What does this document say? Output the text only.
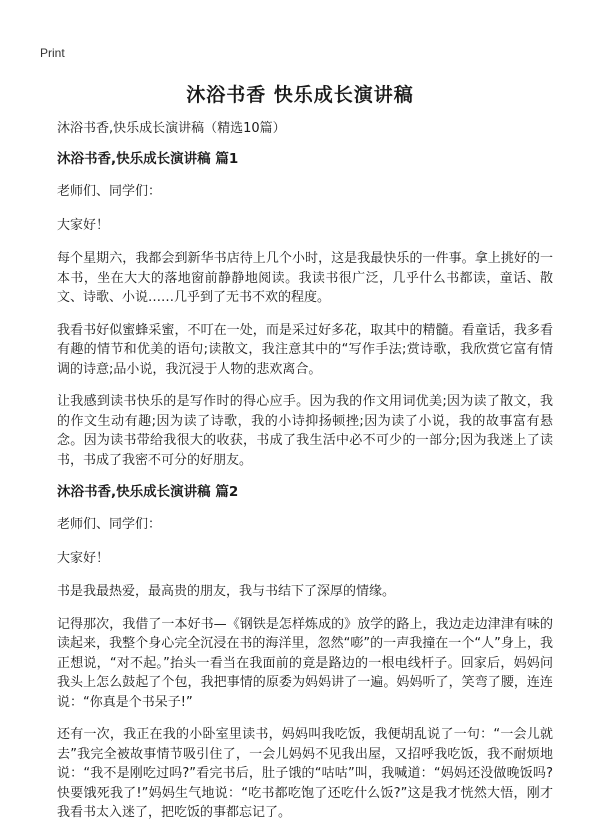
Print
沐浴书香 快乐成长演讲稿

沐浴书香,快乐成长演讲稿（精选10篇）

沐浴书香,快乐成长演讲稿 篇1

老师们、同学们：

大家好！

每个星期六，我都会到新华书店待上几个小时，这是我最快乐的一件事。拿上挑好的一本书，坐在大大的落地窗前静静地阅读。我读书很广泛，几乎什么书都读，童话、散文、诗歌、小说……几乎到了无书不欢的程度。

我看书好似蜜蜂采蜜，不叮在一处，而是采过好多花，取其中的精髓。看童话，我多看有趣的情节和优美的语句;读散文，我注意其中的“写作手法;赏诗歌，我欣赏它富有情调的诗意;品小说，我沉浸于人物的悲欢离合。

让我感到读书快乐的是写作时的得心应手。因为我的作文用词优美;因为读了散文，我的作文生动有趣;因为读了诗歌，我的小诗抑扬顿挫;因为读了小说，我的故事富有悬念。因为读书带给我很大的收获，书成了我生活中必不可少的一部分;因为我迷上了读书，书成了我密不可分的好朋友。

沐浴书香,快乐成长演讲稿 篇2

老师们、同学们：

大家好！

书是我最热爱，最高贵的朋友，我与书结下了深厚的情缘。

记得那次，我借了一本好书—《钢铁是怎样炼成的》放学的路上，我边走边津津有味的读起来，我整个身心完全沉浸在书的海洋里，忽然“嘭”的一声我撞在一个“人”身上，我正想说，“对不起。”抬头一看当在我面前的竟是路边的一根电线杆子。回家后，妈妈问我头上怎么鼓起了个包，我把事情的原委为妈妈讲了一遍。妈妈听了，笑弯了腰，连连说：“你真是个书呆子!”

还有一次，我正在我的小卧室里读书，妈妈叫我吃饭，我便胡乱说了一句：“一会儿就去”我完全被故事情节吸引住了，一会儿妈妈不见我出屋，又招呼我吃饭，我不耐烦地说：“我不是刚吃过吗?”看完书后，肚子饿的“咕咕”叫，我喊道：“妈妈还没做晚饭吗?快要饿死我了!”妈妈生气地说：“吃书都吃饱了还吃什么饭?”这是我才恍然大悟，刚才我看书太入迷了，把吃饭的事都忘记了。
